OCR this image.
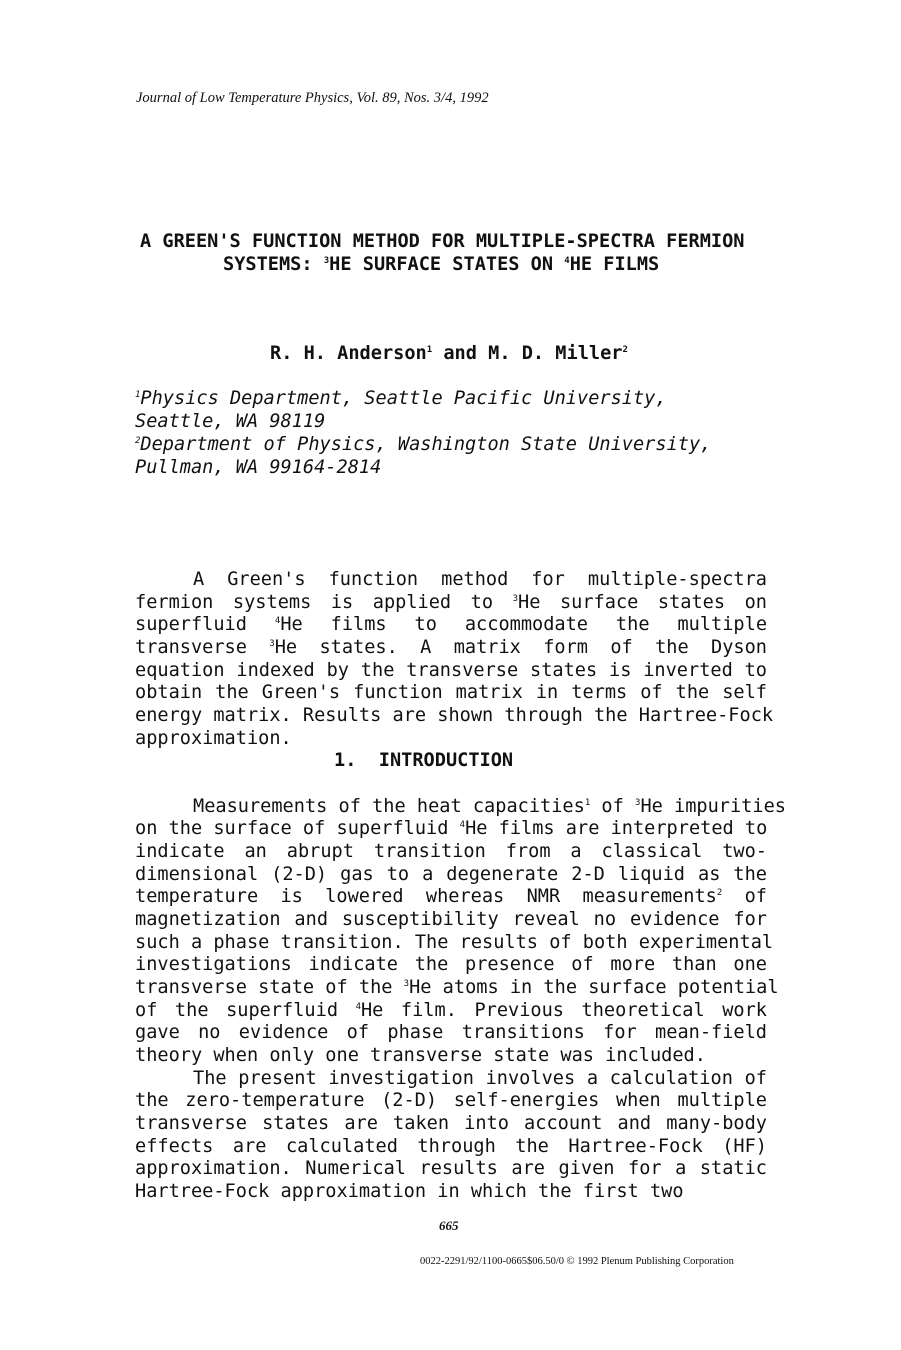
Journal of Low Temperature Physics, Vol. 89, Nos. 3/4, 1992
A GREEN'S FUNCTION METHOD FOR MULTIPLE-SPECTRA FERMION
SYSTEMS: $^3$HE SURFACE STATES ON $^4$HE FILMS
R. H. Anderson$^1$ and M. D. Miller$^2$
$^1$Physics Department, Seattle Pacific University,
Seattle, WA 98119
$^2$Department of Physics, Washington State University,
Pullman, WA 99164-2814
A Green's function method for multiple-spectra
fermion systems is applied to $^3$He surface states on
superfluid $^4$He films to accommodate the multiple
transverse $^3$He states. A matrix form of the Dyson
equation indexed by the transverse states is inverted to
obtain the Green's function matrix in terms of the self
energy matrix. Results are shown through the Hartree-Fock
approximation.
1. INTRODUCTION
Measurements of the heat capacities$^1$ of $^3$He impurities
on the surface of superfluid $^4$He films are interpreted to
indicate an abrupt transition from a classical two-
dimensional (2-D) gas to a degenerate 2-D liquid as the
temperature is lowered whereas NMR measurements$^2$ of
magnetization and susceptibility reveal no evidence for
such a phase transition. The results of both experimental
investigations indicate the presence of more than one
transverse state of the $^3$He atoms in the surface potential
of the superfluid $^4$He film. Previous theoretical work
gave no evidence of phase transitions for mean-field
theory when only one transverse state was included.
The present investigation involves a calculation of
the zero-temperature (2-D) self-energies when multiple
transverse states are taken into account and many-body
effects are calculated through the Hartree-Fock (HF)
approximation. Numerical results are given for a static
Hartree-Fock approximation in which the first two
665
0022-2291/92/1100-0665$06.50/0 © 1992 Plenum Publishing Corporation
